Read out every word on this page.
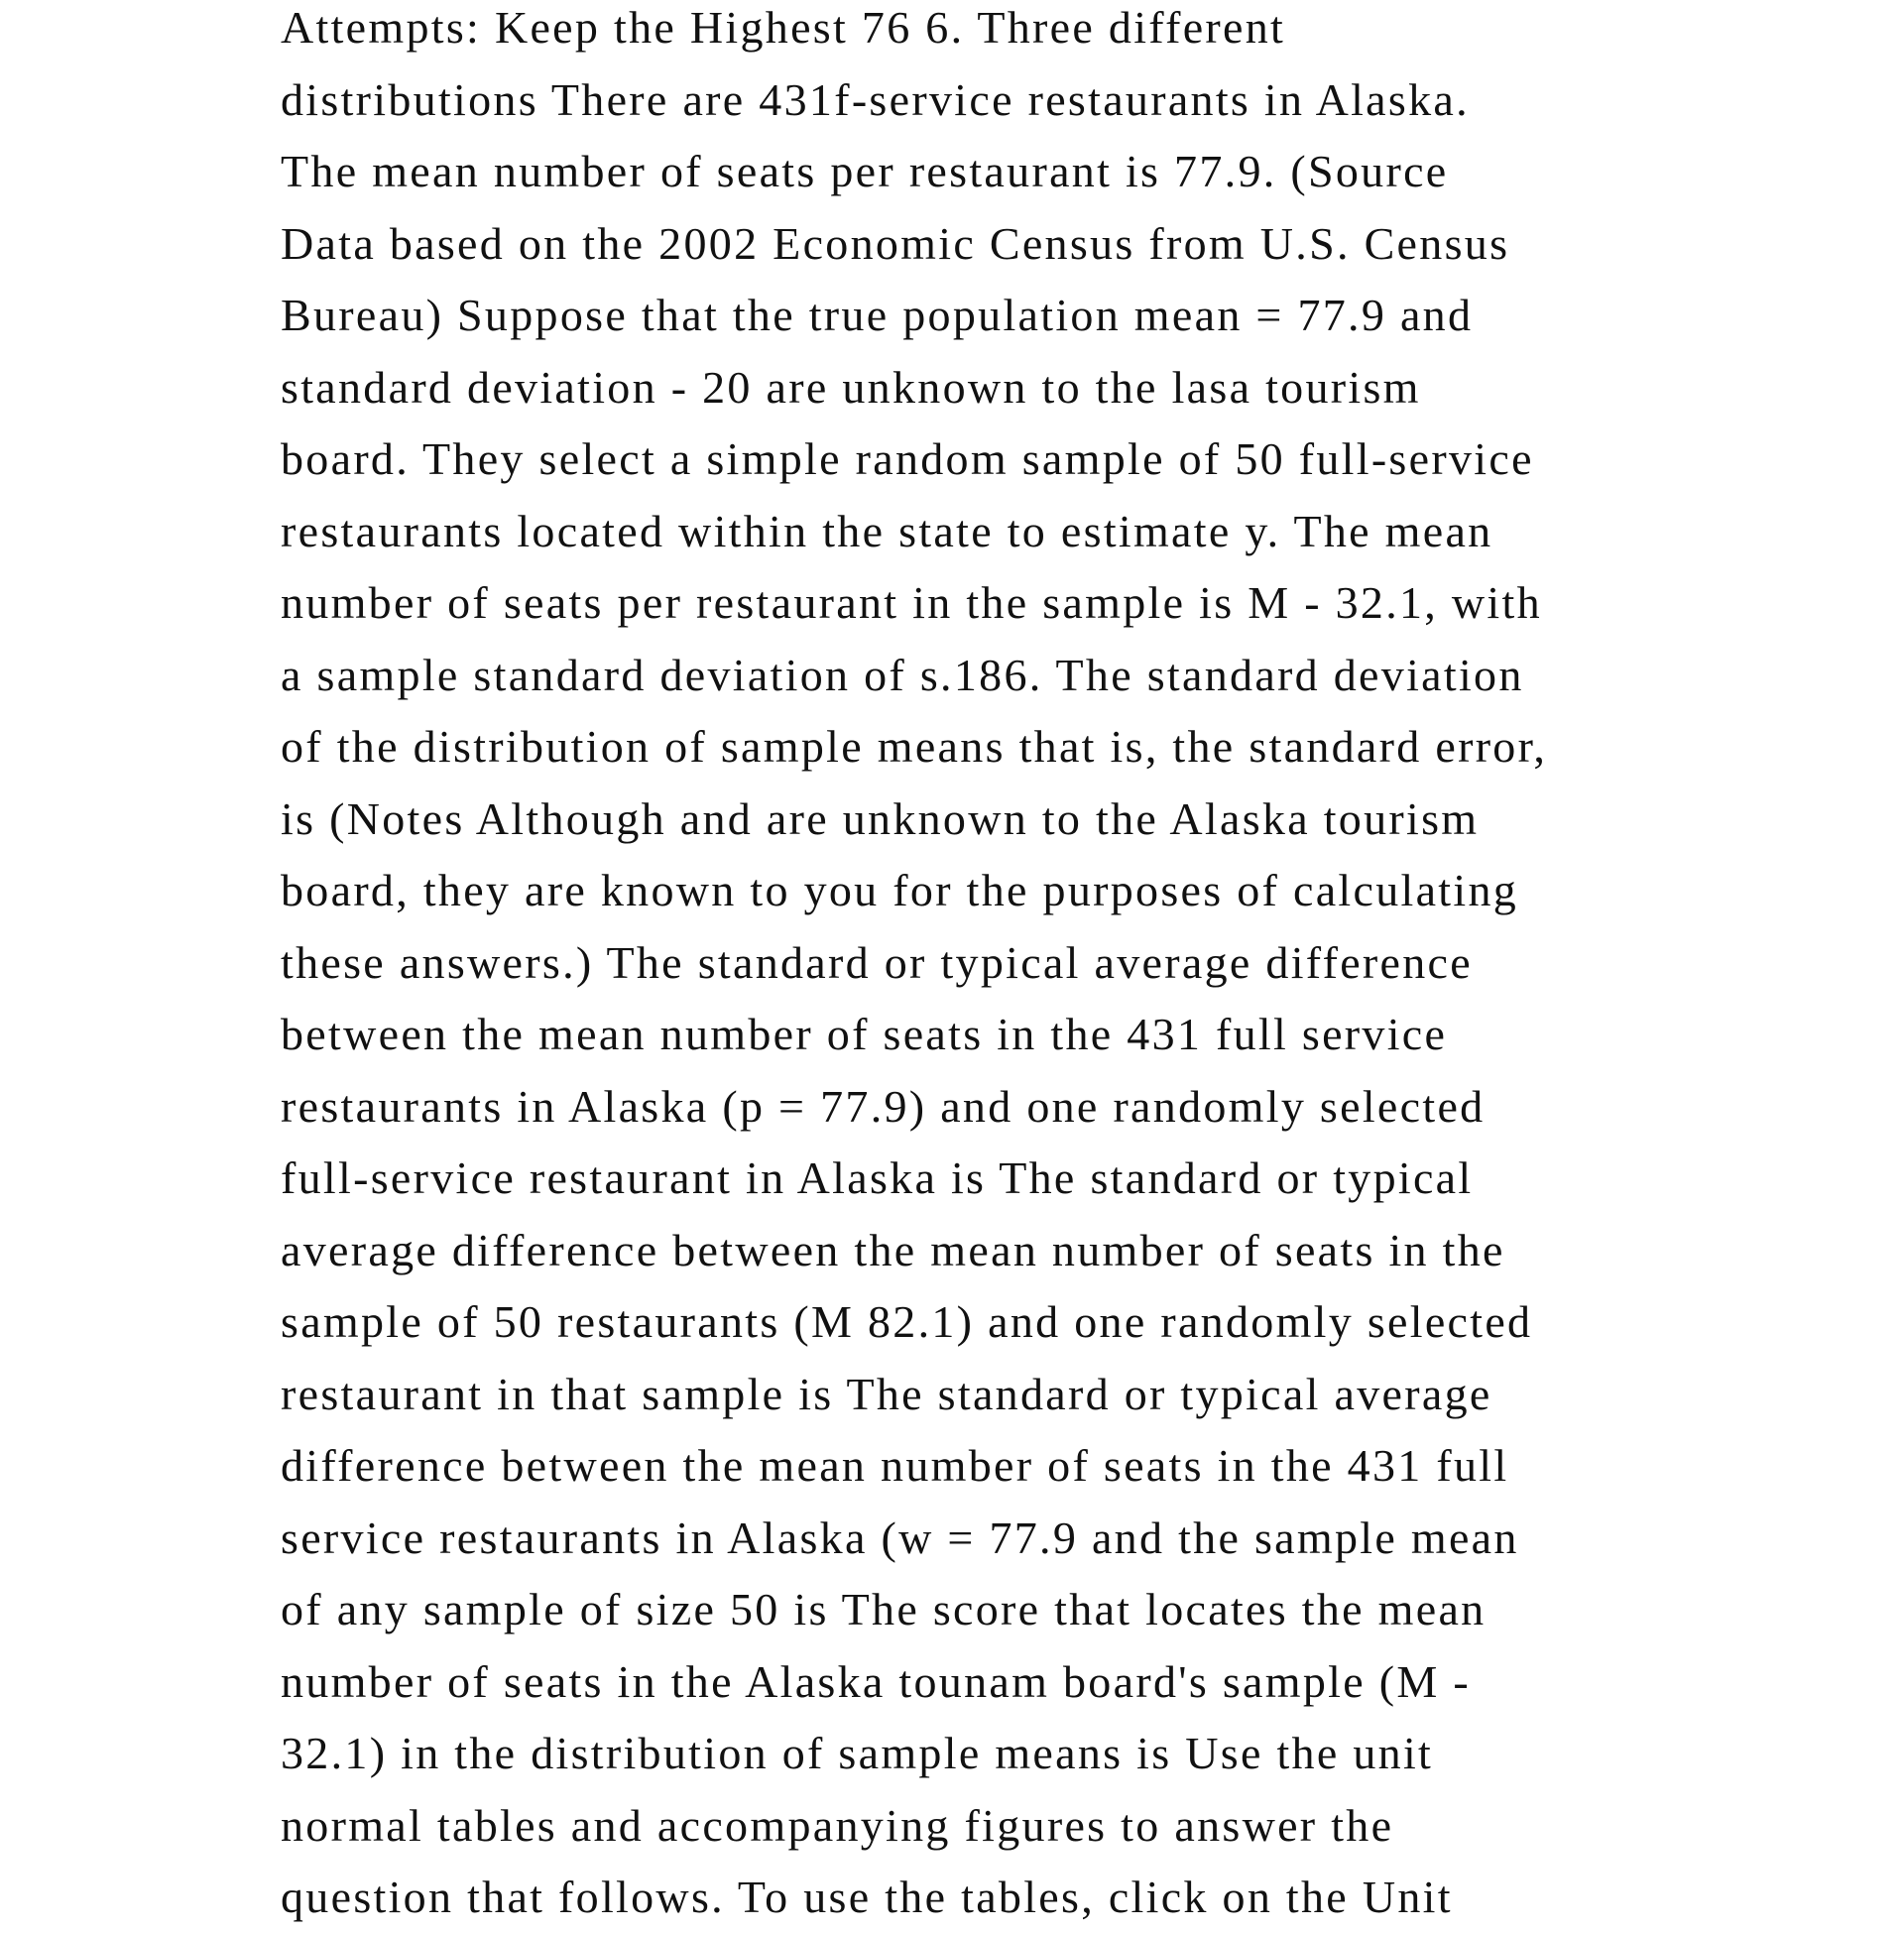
Attempts: Keep the Highest 76 6. Three different
distributions There are 431f-service restaurants in Alaska.
The mean number of seats per restaurant is 77.9. (Source
Data based on the 2002 Economic Census from U.S. Census
Bureau) Suppose that the true population mean = 77.9 and
standard deviation - 20 are unknown to the lasa tourism
board. They select a simple random sample of 50 full-service
restaurants located within the state to estimate y. The mean
number of seats per restaurant in the sample is M - 32.1, with
a sample standard deviation of s.186. The standard deviation
of the distribution of sample means that is, the standard error,
is (Notes Although and are unknown to the Alaska tourism
board, they are known to you for the purposes of calculating
these answers.) The standard or typical average difference
between the mean number of seats in the 431 full service
restaurants in Alaska (p = 77.9) and one randomly selected
full-service restaurant in Alaska is The standard or typical
average difference between the mean number of seats in the
sample of 50 restaurants (M 82.1) and one randomly selected
restaurant in that sample is The standard or typical average
difference between the mean number of seats in the 431 full
service restaurants in Alaska (w = 77.9 and the sample mean
of any sample of size 50 is The score that locates the mean
number of seats in the Alaska tounam board's sample (M -
32.1) in the distribution of sample means is Use the unit
normal tables and accompanying figures to answer the
question that follows. To use the tables, click on the Unit
